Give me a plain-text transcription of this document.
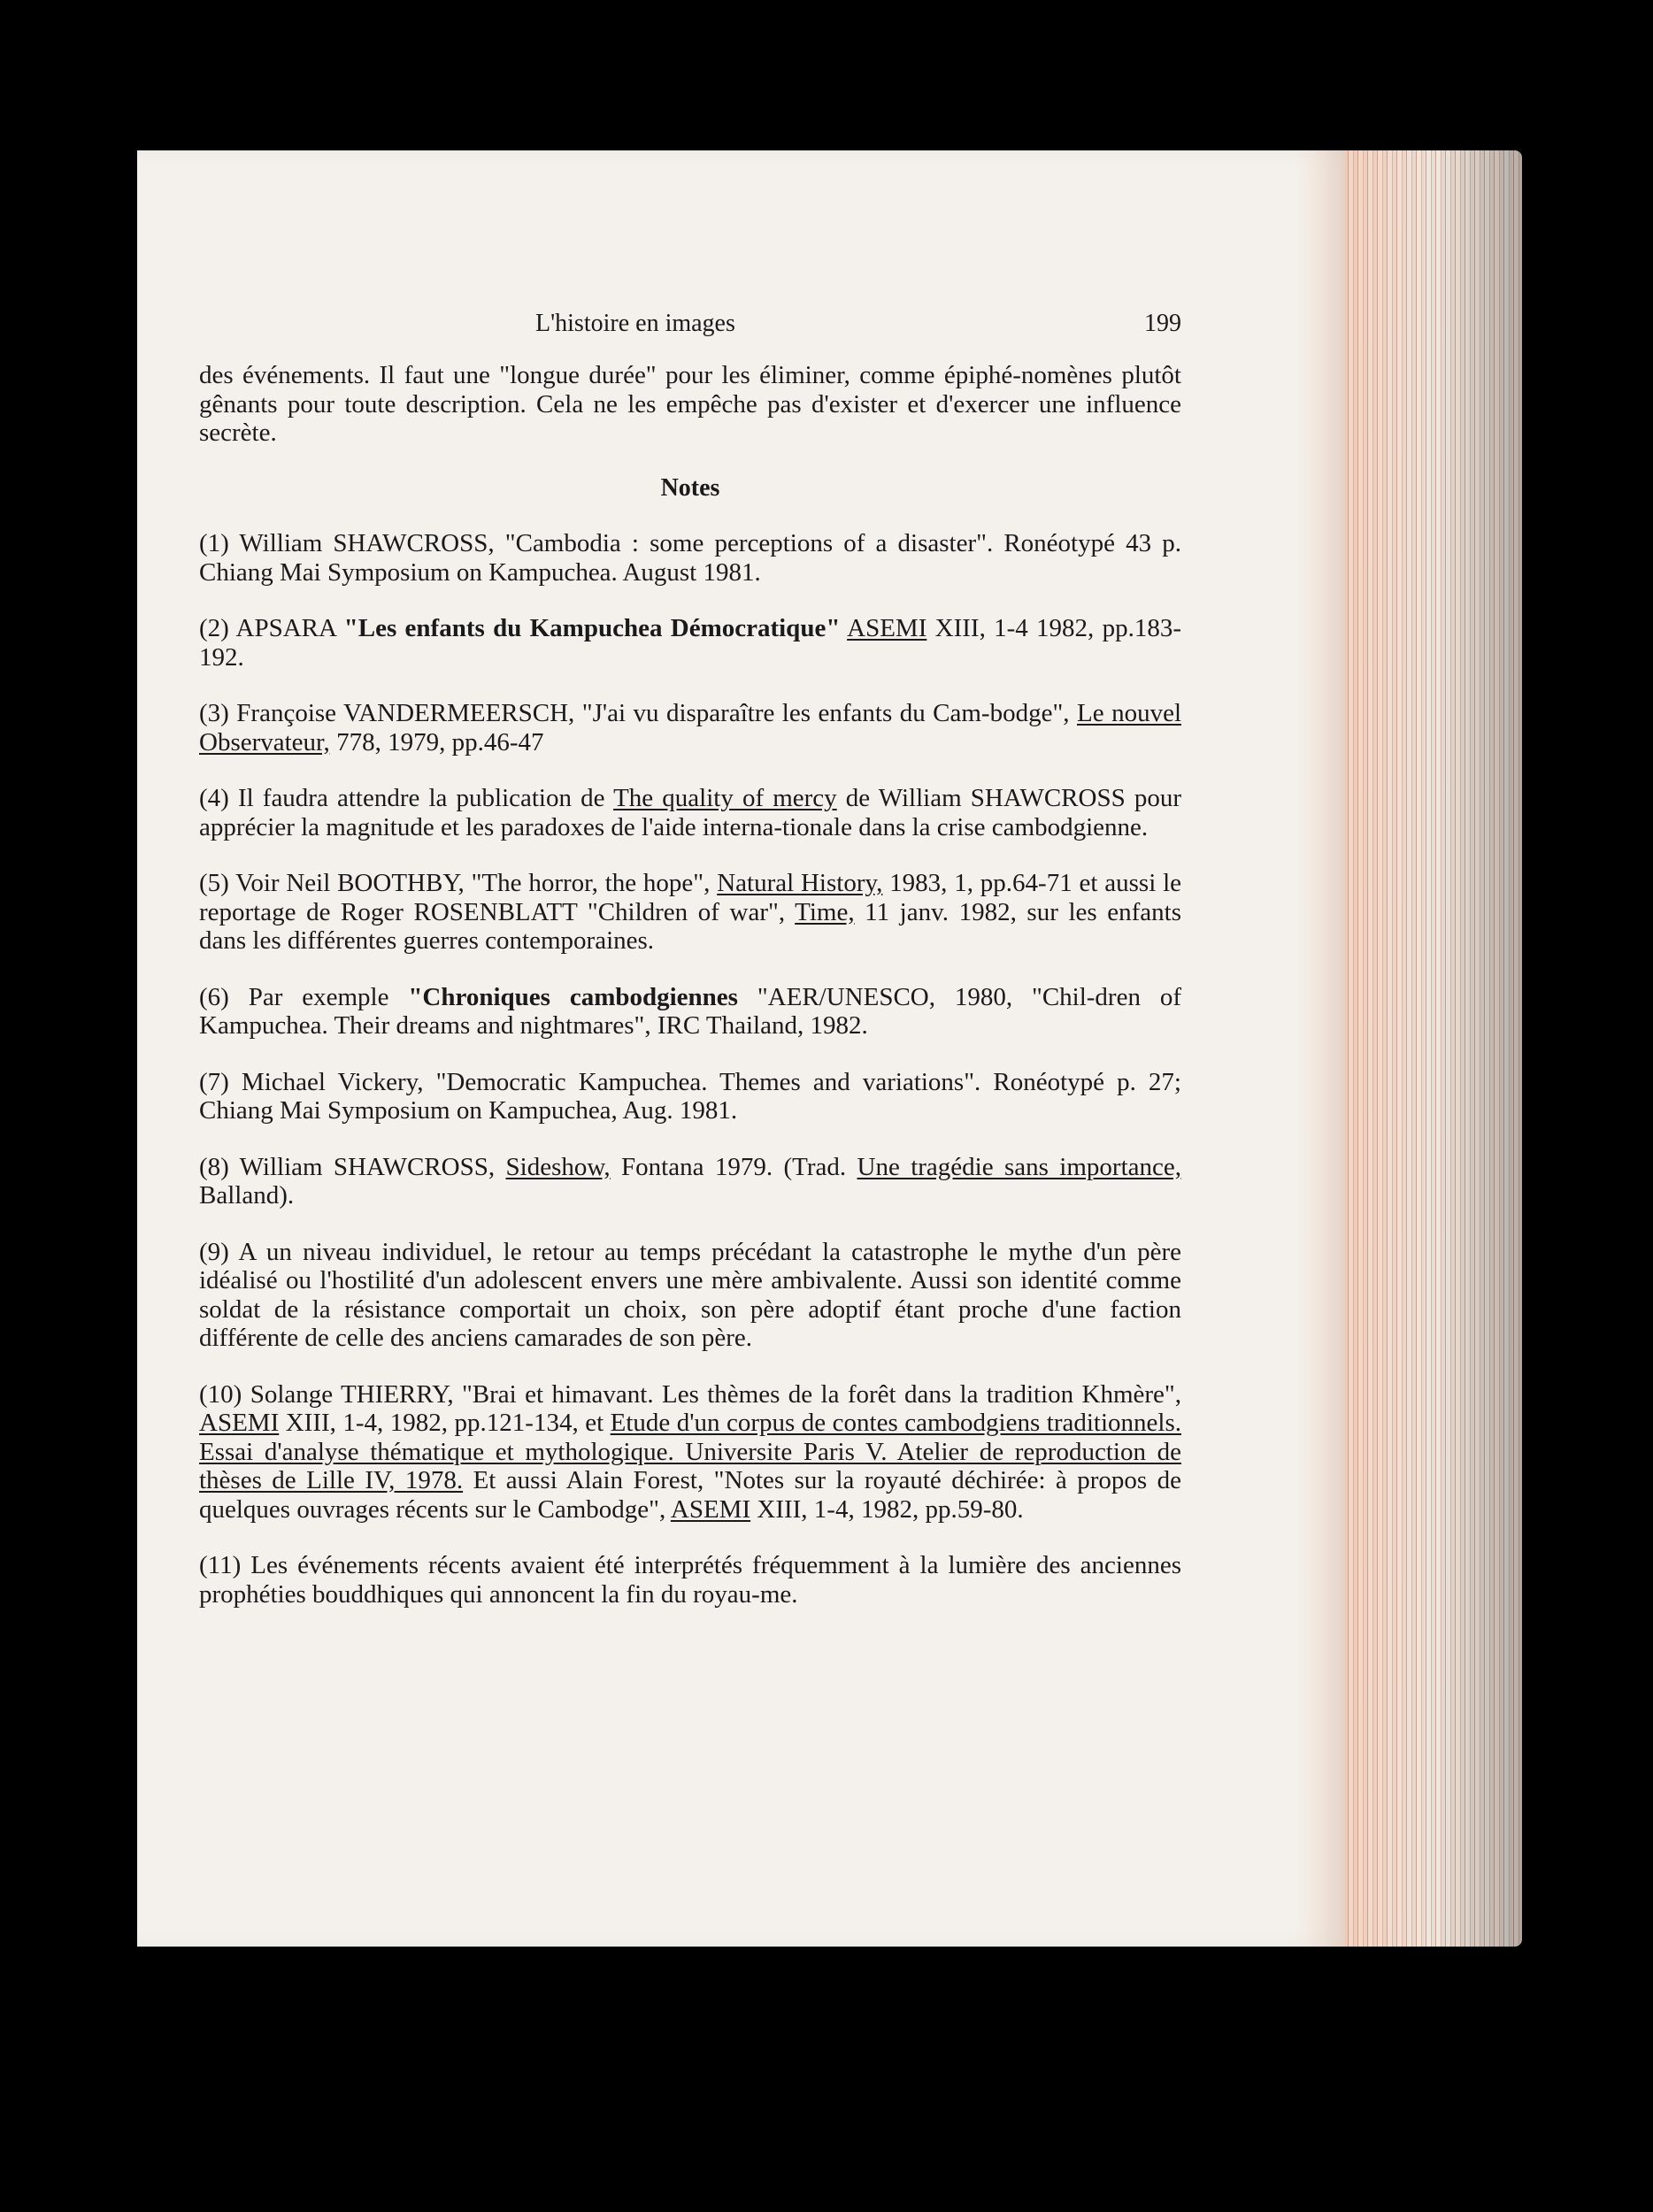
L'histoire en images	199

des événements. Il faut une "longue durée" pour les éliminer, comme épiphé-nomènes plutôt gênants pour toute description. Cela ne les empêche pas d'exister et d'exercer une influence secrète.

Notes

(1) William SHAWCROSS, "Cambodia : some perceptions of a disaster". Ronéotypé 43 p. Chiang Mai Symposium on Kampuchea. August 1981.

(2) APSARA "Les enfants du Kampuchea Démocratique" ASEMI XIII, 1-4 1982, pp.183-192.

(3) Françoise VANDERMEERSCH, "J'ai vu disparaître les enfants du Cam-bodge", Le nouvel Observateur, 778, 1979, pp.46-47

(4) Il faudra attendre la publication de The quality of mercy de William SHAWCROSS pour apprécier la magnitude et les paradoxes de l'aide interna-tionale dans la crise cambodgienne.

(5) Voir Neil BOOTHBY, "The horror, the hope", Natural History, 1983, 1, pp.64-71 et aussi le reportage de Roger ROSENBLATT "Children of war", Time, 11 janv. 1982, sur les enfants dans les différentes guerres contemporaines.

(6) Par exemple "Chroniques cambodgiennes "AER/UNESCO, 1980, "Chil-dren of Kampuchea. Their dreams and nightmares", IRC Thailand, 1982.

(7) Michael Vickery, "Democratic Kampuchea. Themes and variations". Ronéotypé p. 27; Chiang Mai Symposium on Kampuchea, Aug. 1981.

(8) William SHAWCROSS, Sideshow, Fontana 1979. (Trad. Une tragédie sans importance, Balland).

(9) A un niveau individuel, le retour au temps précédant la catastrophe le mythe d'un père idéalisé ou l'hostilité d'un adolescent envers une mère ambivalente. Aussi son identité comme soldat de la résistance comportait un choix, son père adoptif étant proche d'une faction différente de celle des anciens camarades de son père.

(10) Solange THIERRY, "Brai et himavant. Les thèmes de la forêt dans la tradition Khmère", ASEMI XIII, 1-4, 1982, pp.121-134, et Etude d'un corpus de contes cambodgiens traditionnels. Essai d'analyse thématique et mythologique. Universite Paris V. Atelier de reproduction de thèses de Lille IV, 1978. Et aussi Alain Forest, "Notes sur la royauté déchirée: à propos de quelques ouvrages récents sur le Cambodge", ASEMI XIII, 1-4, 1982, pp.59-80.

(11) Les événements récents avaient été interprétés fréquemment à la lumière des anciennes prophéties bouddhiques qui annoncent la fin du royau-me.
